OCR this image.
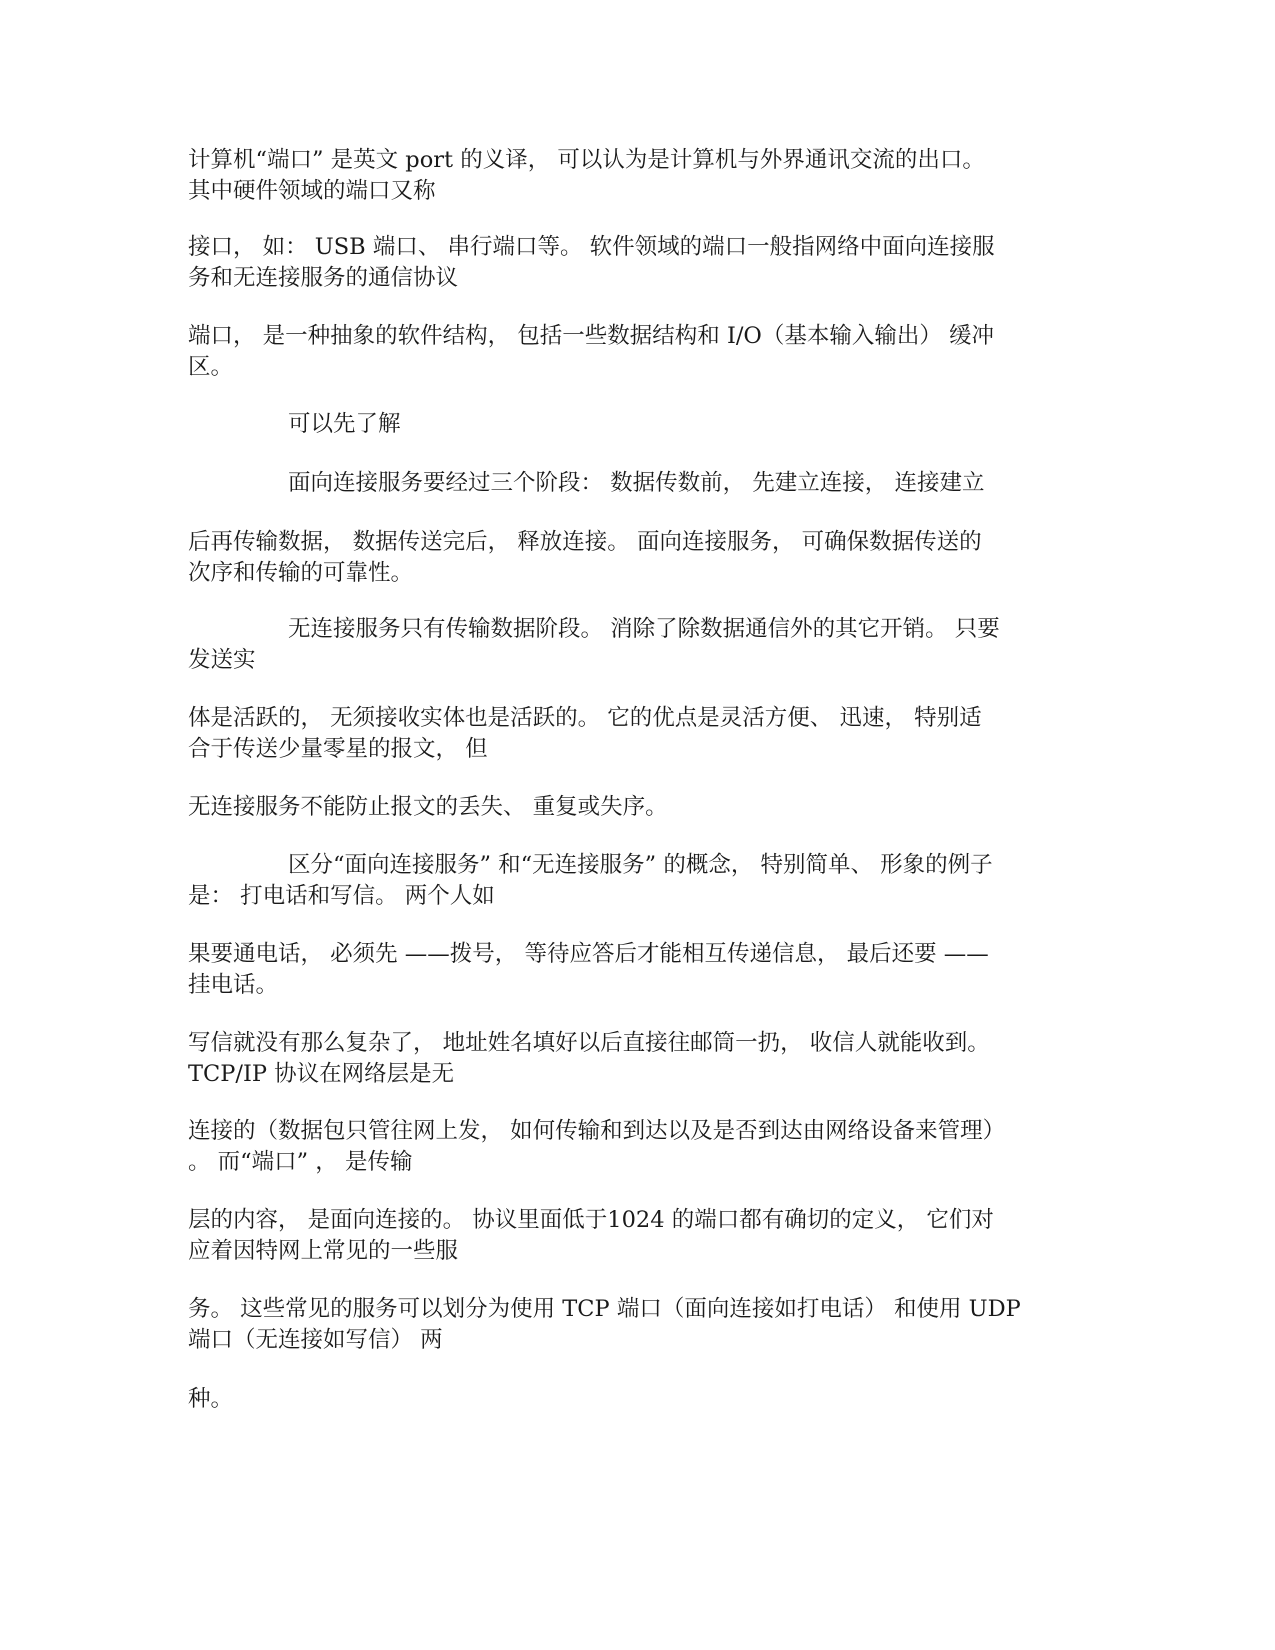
计算机“端口” 是英文 port 的义译， 可以认为是计算机与外界通讯交流的出口。
其中硬件领域的端口又称

接口， 如： USB 端口、 串行端口等。 软件领域的端口一般指网络中面向连接服
务和无连接服务的通信协议

端口， 是一种抽象的软件结构， 包括一些数据结构和 I/O（基本输入输出） 缓冲
区。

可以先了解

面向连接服务要经过三个阶段： 数据传数前， 先建立连接， 连接建立

后再传输数据， 数据传送完后， 释放连接。 面向连接服务， 可确保数据传送的
次序和传输的可靠性。

无连接服务只有传输数据阶段。 消除了除数据通信外的其它开销。 只要
发送实

体是活跃的， 无须接收实体也是活跃的。 它的优点是灵活方便、 迅速， 特别适
合于传送少量零星的报文， 但

无连接服务不能防止报文的丢失、 重复或失序。

区分“面向连接服务” 和“无连接服务” 的概念， 特别简单、 形象的例子
是： 打电话和写信。 两个人如

果要通电话， 必须先 ——拨号， 等待应答后才能相互传递信息， 最后还要 ——
挂电话。

写信就没有那么复杂了， 地址姓名填好以后直接往邮筒一扔， 收信人就能收到。
TCP/IP 协议在网络层是无

连接的（数据包只管往网上发， 如何传输和到达以及是否到达由网络设备来管理）
。 而“端口” ， 是传输

层的内容， 是面向连接的。 协议里面低于1024 的端口都有确切的定义， 它们对
应着因特网上常见的一些服

务。 这些常见的服务可以划分为使用 TCP 端口（面向连接如打电话） 和使用 UDP
端口（无连接如写信） 两

种。
